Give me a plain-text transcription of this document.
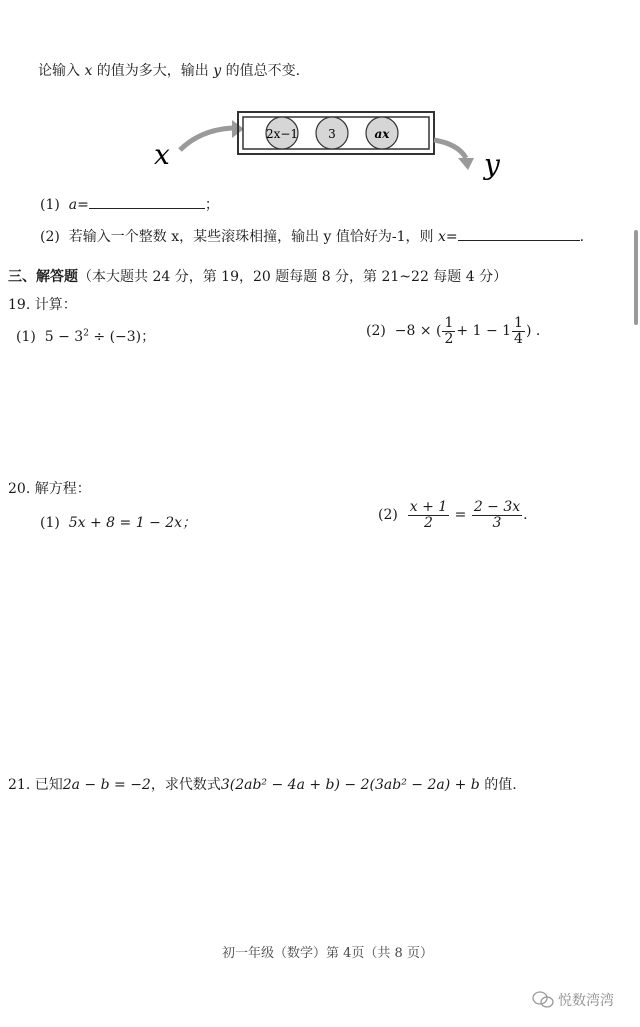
论输入 x 的值为多大，输出 y 的值总不变.
2x−1	3	ax
x	y
(1) a=	；
(2) 若输入一个整数 x，某些滚珠相撞，输出 y 值恰好为-1，则 x=	.
三、解答题（本大题共 24 分，第 19，20 题每题 8 分，第 21~22 每题 4 分）
19. 计算：
(1) $5 - 3^2 \div (-3)$；	(2)
−8 × ( $\frac{1}{2} + 1 - 1 \frac{1}{4}$ ) .
20. 解方程：
(1) 5x + 8 = 1 − 2x；	(2)
$\frac{x + 1}{2}$
=
$\frac{2 - 3x}{3}$ .
21. 已知2a − b = −2，求代数式3(2ab² − 4a + b) − 2(3ab² − 2a) + b 的值.
初一年级（数学）第 4页（共 8 页）
悦数湾湾
